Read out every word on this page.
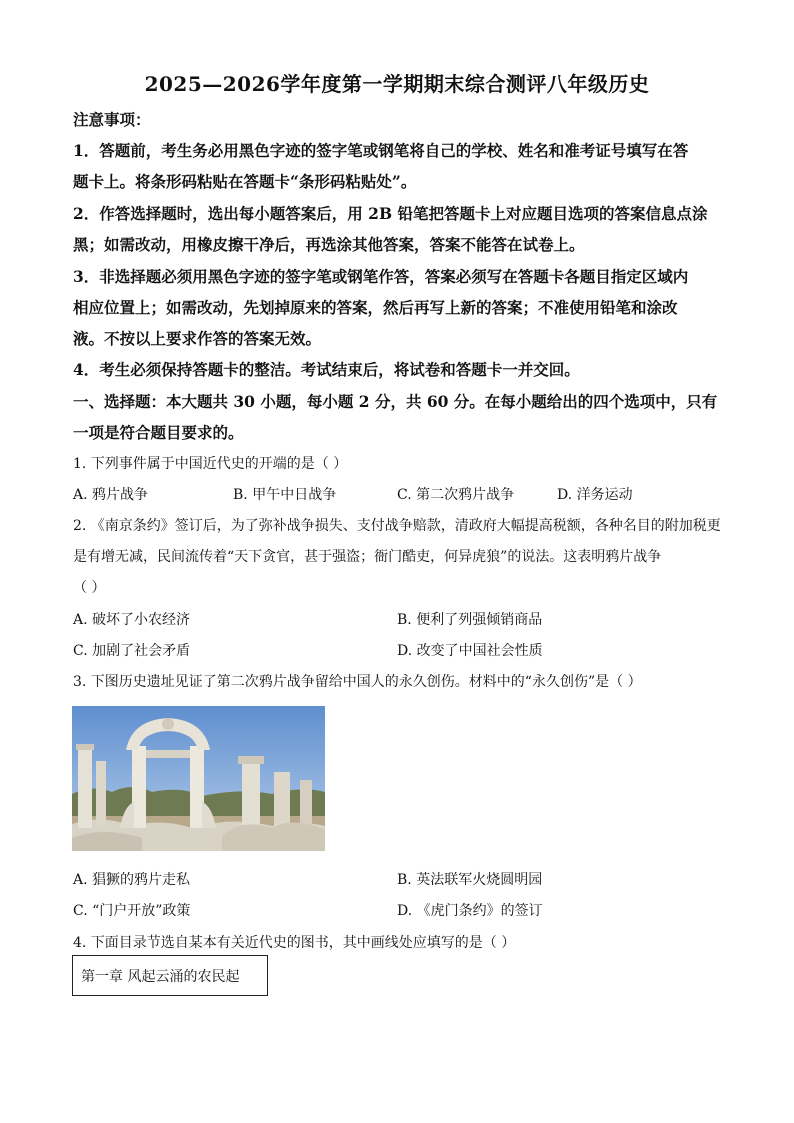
2025—2026学年度第一学期期末综合测评八年级历史
注意事项：
1．答题前，考生务必用黑色字迹的签字笔或钢笔将自己的学校、姓名和准考证号填写在答
题卡上。将条形码粘贴在答题卡“条形码粘贴处”。
2．作答选择题时，选出每小题答案后，用 2B 铅笔把答题卡上对应题目选项的答案信息点涂
黑；如需改动，用橡皮擦干净后，再选涂其他答案，答案不能答在试卷上。
3．非选择题必须用黑色字迹的签字笔或钢笔作答，答案必须写在答题卡各题目指定区域内
相应位置上；如需改动，先划掉原来的答案，然后再写上新的答案；不准使用铅笔和涂改
液。不按以上要求作答的答案无效。
4．考生必须保持答题卡的整洁。考试结束后，将试卷和答题卡一并交回。
一、选择题：本大题共 30 小题，每小题 2 分，共 60 分。在每小题给出的四个选项中，只有
一项是符合题目要求的。
1. 下列事件属于中国近代史的开端的是（ ）
A. 鸦片战争	B. 甲午中日战争	C. 第二次鸦片战争	D. 洋务运动
2. 《南京条约》签订后，为了弥补战争损失、支付战争赔款，清政府大幅提高税额，各种名目的附加税更
是有增无减，民间流传着“天下贪官，甚于强盗；衙门酷吏，何异虎狼”的说法。这表明鸦片战争
（ ）
A. 破坏了小农经济	B. 便利了列强倾销商品
C. 加剧了社会矛盾	D. 改变了中国社会性质
3. 下图历史遗址见证了第二次鸦片战争留给中国人的永久创伤。材料中的“永久创伤”是（ ）
A. 猖獗的鸦片走私	B. 英法联军火烧圆明园
C. “门户开放”政策	D. 《虎门条约》的签订
4. 下面目录节选自某本有关近代史的图书，其中画线处应填写的是（ ）
第一章 风起云涌的农民起
